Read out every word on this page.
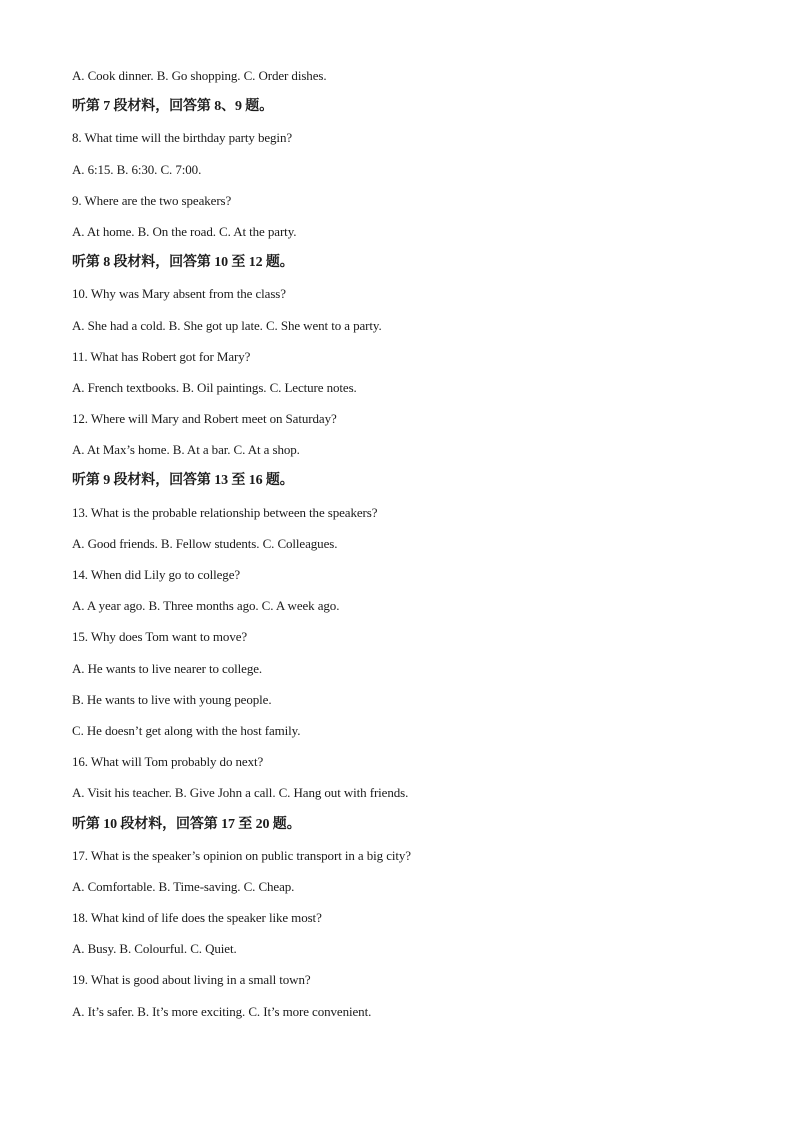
A. Cook dinner. B. Go shopping. C. Order dishes.
听第 7 段材料，回答第 8、9 题。
8. What time will the birthday party begin?
A. 6:15. B. 6:30. C. 7:00.
9. Where are the two speakers?
A. At home. B. On the road. C. At the party.
听第 8 段材料，回答第 10 至 12 题。
10. Why was Mary absent from the class?
A. She had a cold. B. She got up late. C. She went to a party.
11. What has Robert got for Mary?
A. French textbooks. B. Oil paintings. C. Lecture notes.
12. Where will Mary and Robert meet on Saturday?
A. At Max’s home. B. At a bar. C. At a shop.
听第 9 段材料，回答第 13 至 16 题。
13. What is the probable relationship between the speakers?
A. Good friends. B. Fellow students. C. Colleagues.
14. When did Lily go to college?
A. A year ago. B. Three months ago. C. A week ago.
15. Why does Tom want to move?
A. He wants to live nearer to college.
B. He wants to live with young people.
C. He doesn’t get along with the host family.
16. What will Tom probably do next?
A. Visit his teacher. B. Give John a call. C. Hang out with friends.
听第 10 段材料，回答第 17 至 20 题。
17. What is the speaker’s opinion on public transport in a big city?
A. Comfortable. B. Time-saving. C. Cheap.
18. What kind of life does the speaker like most?
A. Busy. B. Colourful. C. Quiet.
19. What is good about living in a small town?
A. It’s safer. B. It’s more exciting. C. It’s more convenient.
